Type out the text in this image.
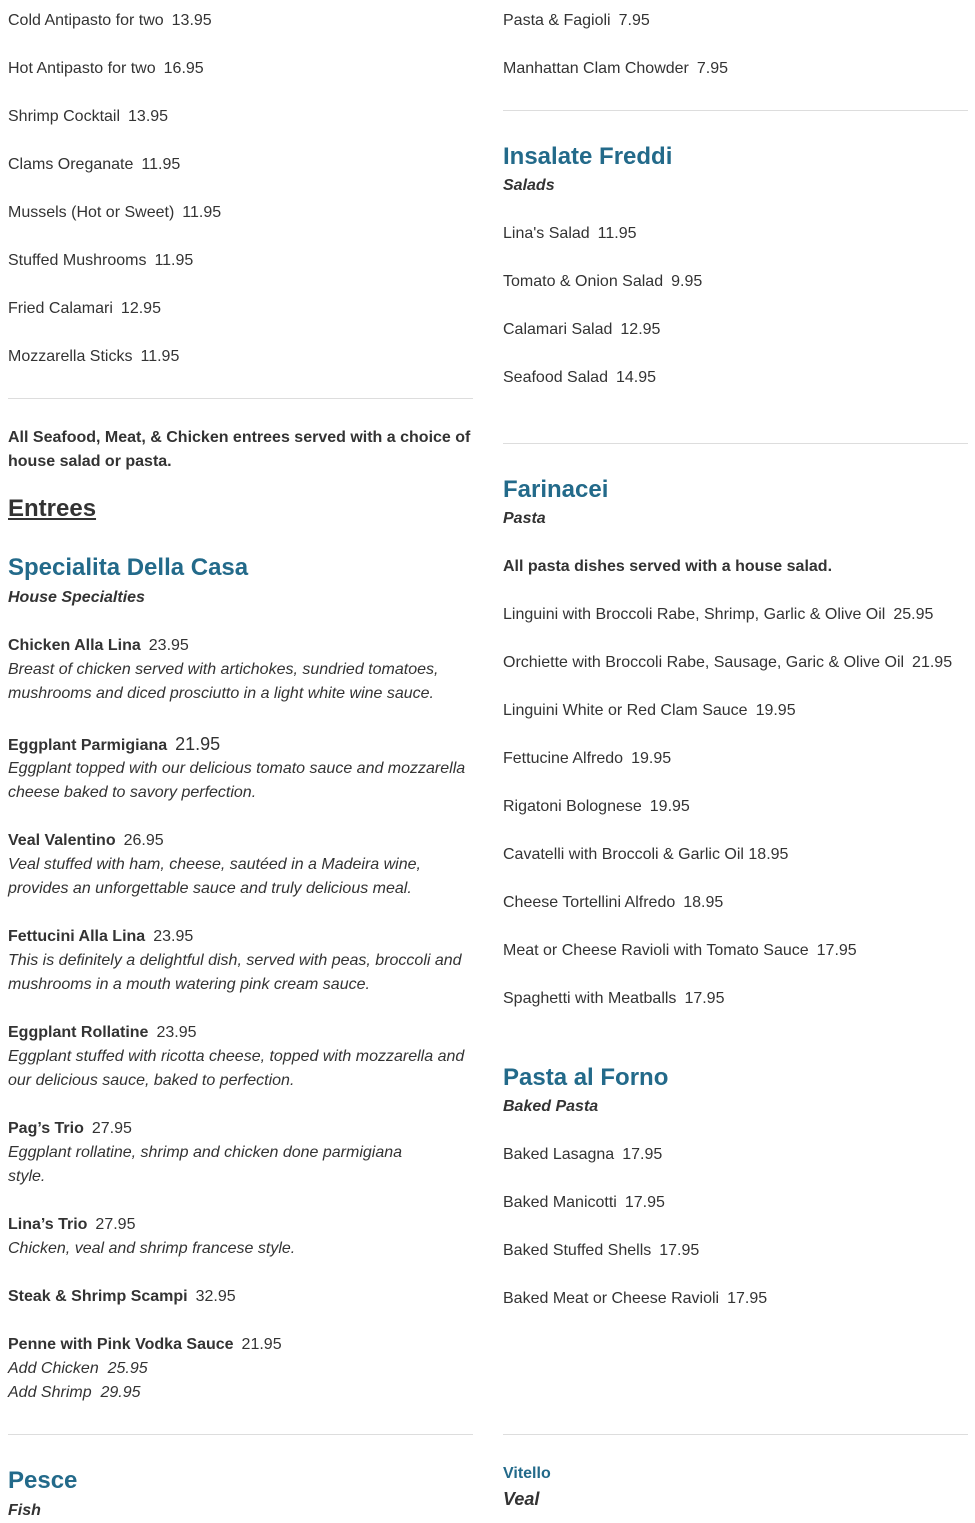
Cold Antipasto for two 13.95
Hot Antipasto for two 16.95
Shrimp Cocktail 13.95
Clams Oreganate 11.95
Mussels (Hot or Sweet) 11.95
Stuffed Mushrooms 11.95
Fried Calamari 12.95
Mozzarella Sticks 11.95
All Seafood, Meat, & Chicken entrees served with a choice of house salad or pasta.
Entrees
Specialita Della Casa
House Specialties
Chicken Alla Lina 23.95
Breast of chicken served with artichokes, sundried tomatoes, mushrooms and diced prosciutto in a light white wine sauce.
Eggplant Parmigiana 21.95
Eggplant topped with our delicious tomato sauce and mozzarella cheese baked to savory perfection.
Veal Valentino 26.95
Veal stuffed with ham, cheese, sautéed in a Madeira wine, provides an unforgettable sauce and truly delicious meal.
Fettucini Alla Lina 23.95
This is definitely a delightful dish, served with peas, broccoli and mushrooms in a mouth watering pink cream sauce.
Eggplant Rollatine 23.95
Eggplant stuffed with ricotta cheese, topped with mozzarella and our delicious sauce, baked to perfection.
Pag’s Trio 27.95
Eggplant rollatine, shrimp and chicken done parmigiana style.
Lina’s Trio 27.95
Chicken, veal and shrimp francese style.
Steak & Shrimp Scampi 32.95
Penne with Pink Vodka Sauce 21.95
Add Chicken  25.95
Add Shrimp  29.95
Pesce
Fish
Pasta & Fagioli 7.95
Manhattan Clam Chowder 7.95
Insalate Freddi
Salads
Lina's Salad 11.95
Tomato & Onion Salad 9.95
Calamari Salad 12.95
Seafood Salad 14.95
Farinacei
Pasta
All pasta dishes served with a house salad.
Linguini with Broccoli Rabe, Shrimp, Garlic & Olive Oil 25.95
Orchiette with Broccoli Rabe, Sausage, Garic & Olive Oil 21.95
Linguini White or Red Clam Sauce 19.95
Fettucine Alfredo 19.95
Rigatoni Bolognese 19.95
Cavatelli with Broccoli & Garlic Oil 18.95
Cheese Tortellini Alfredo 18.95
Meat or Cheese Ravioli with Tomato Sauce 17.95
Spaghetti with Meatballs 17.95
Pasta al Forno
Baked Pasta
Baked Lasagna 17.95
Baked Manicotti 17.95
Baked Stuffed Shells 17.95
Baked Meat or Cheese Ravioli 17.95
Vitello
Veal
